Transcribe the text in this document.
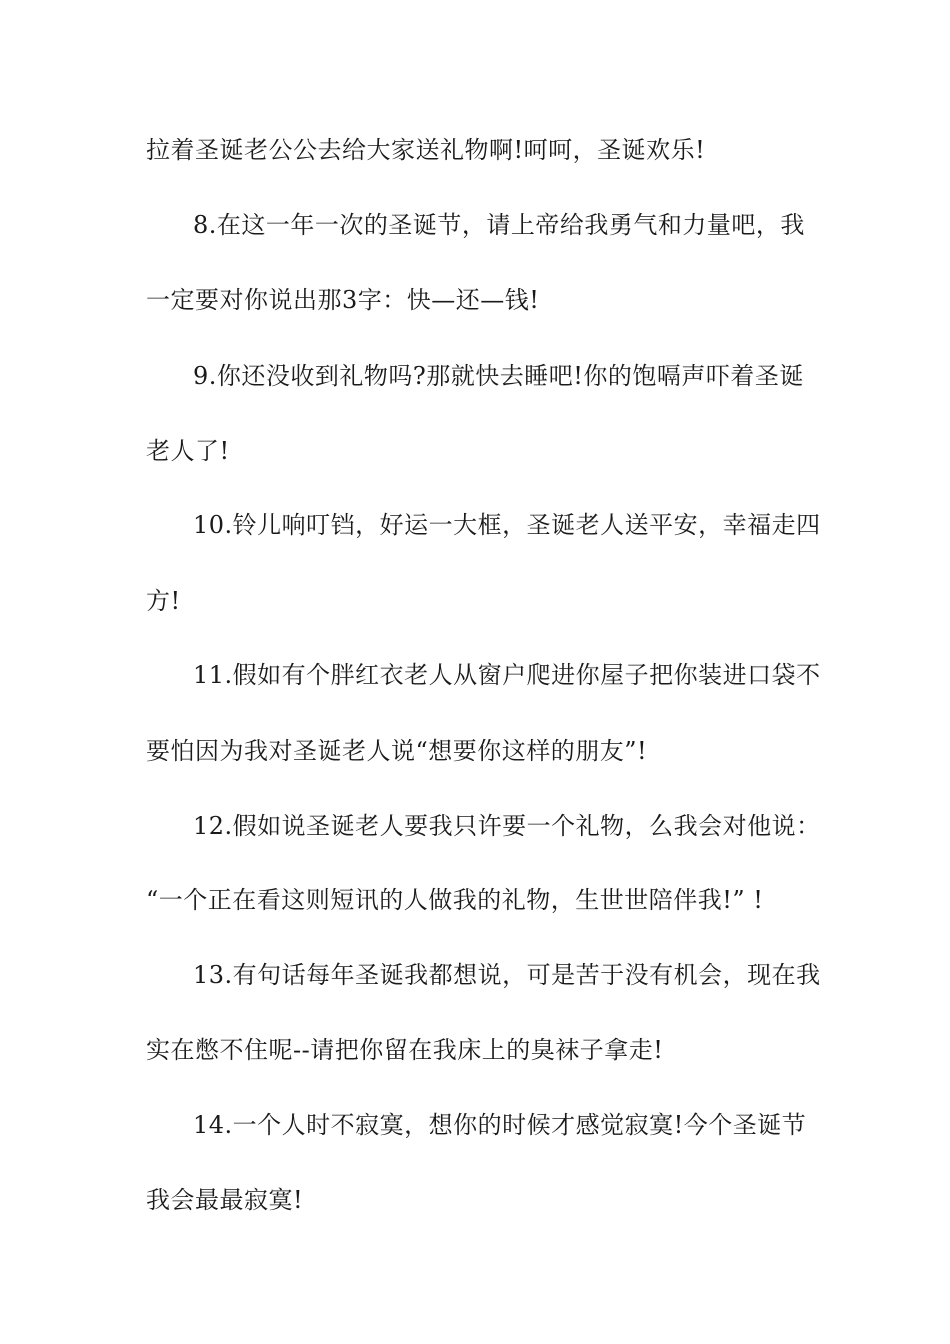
拉着圣诞老公公去给大家送礼物啊!呵呵，圣诞欢乐!
8.在这一年一次的圣诞节，请上帝给我勇气和力量吧，我
一定要对你说出那3字：快—还—钱!
9.你还没收到礼物吗?那就快去睡吧!你的饱嗝声吓着圣诞
老人了!
10.铃儿响叮铛，好运一大框，圣诞老人送平安，幸福走四
方!
11.假如有个胖红衣老人从窗户爬进你屋子把你装进口袋不
要怕因为我对圣诞老人说“想要你这样的朋友”!
12.假如说圣诞老人要我只许要一个礼物，么我会对他说：
“一个正在看这则短讯的人做我的礼物，生世世陪伴我!” !
13.有句话每年圣诞我都想说，可是苦于没有机会，现在我
实在憋不住呢--请把你留在我床上的臭袜子拿走!
14.一个人时不寂寞，想你的时候才感觉寂寞!今个圣诞节
我会最最寂寞!
